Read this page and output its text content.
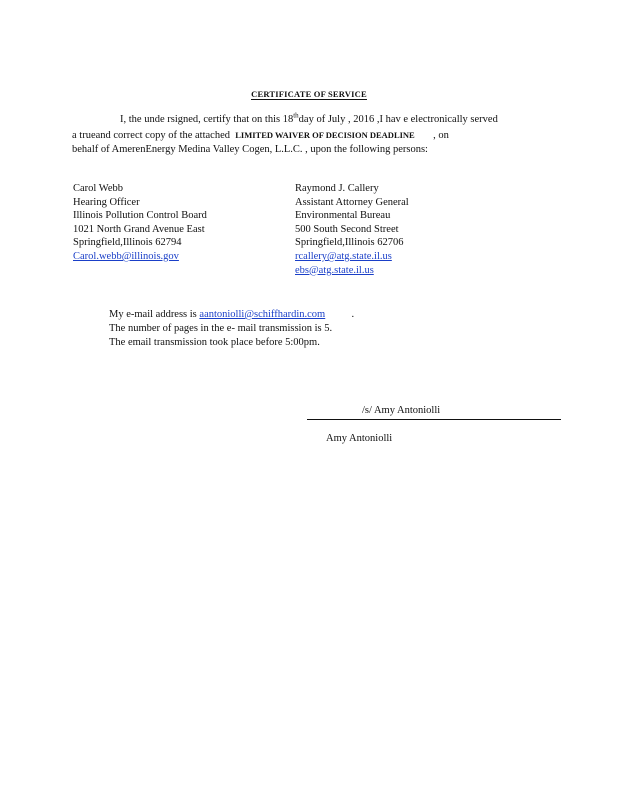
CERTIFICATE OF SERVICE
I, the unde rsigned, certify that on this 18thday of July , 2016 ,I hav e electronically served
a trueand correct copy of the attached LIMITED WAIVER OF DECISION DEADLINE , on
behalf of AmerenEnergy Medina Valley Cogen, L.L.C. , upon the following persons:
Carol Webb
Hearing Officer
Illinois Pollution Control Board
1021 North Grand Avenue East
Springfield,Illinois 62794
Carol.webb@illinois.gov
Raymond J. Callery
Assistant Attorney General
Environmental Bureau
500 South Second Street
Springfield,Illinois 62706
rcallery@atg.state.il.us
ebs@atg.state.il.us
My e-mail address is aantoniolli@schiffhardin.com	.
The number of pages in the e- mail transmission is 5.
The email transmission took place before 5:00pm.
/s/ Amy Antoniolli
Amy Antoniolli
